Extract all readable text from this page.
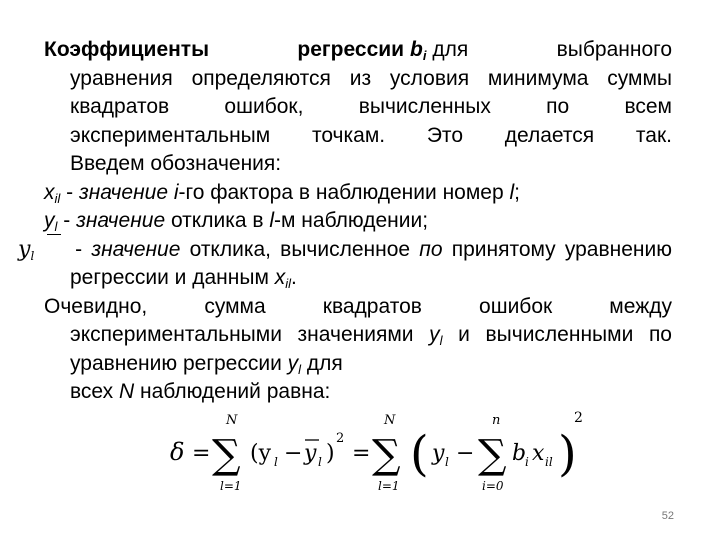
Коэффициенты	регрессии $b_i$ для	выбранного уравнения определяются из условия минимума суммы квадратов ошибок, вычисленных по всем экспериментальным точкам. Это делается так.

Введем обозначения:

$x_{il}$ - значение i-го фактора в наблюдении номер l;

$y_l$ - значение отклика в l-м наблюдении;

$y_l$ - значение отклика, вычисленное по принятому уравнению регрессии и данным $x_{il}$.

Очевидно, сумма квадратов ошибок между экспериментальными значениями $y_l$ и вычисленными по уравнению регрессии $y_l$ для
всех N наблюдений равна:

δ =
N
∑
l=1
(y l − y l )
2
=
N
∑
l=1
( y l −
n
∑
i=0
b
i x il )
2
52
